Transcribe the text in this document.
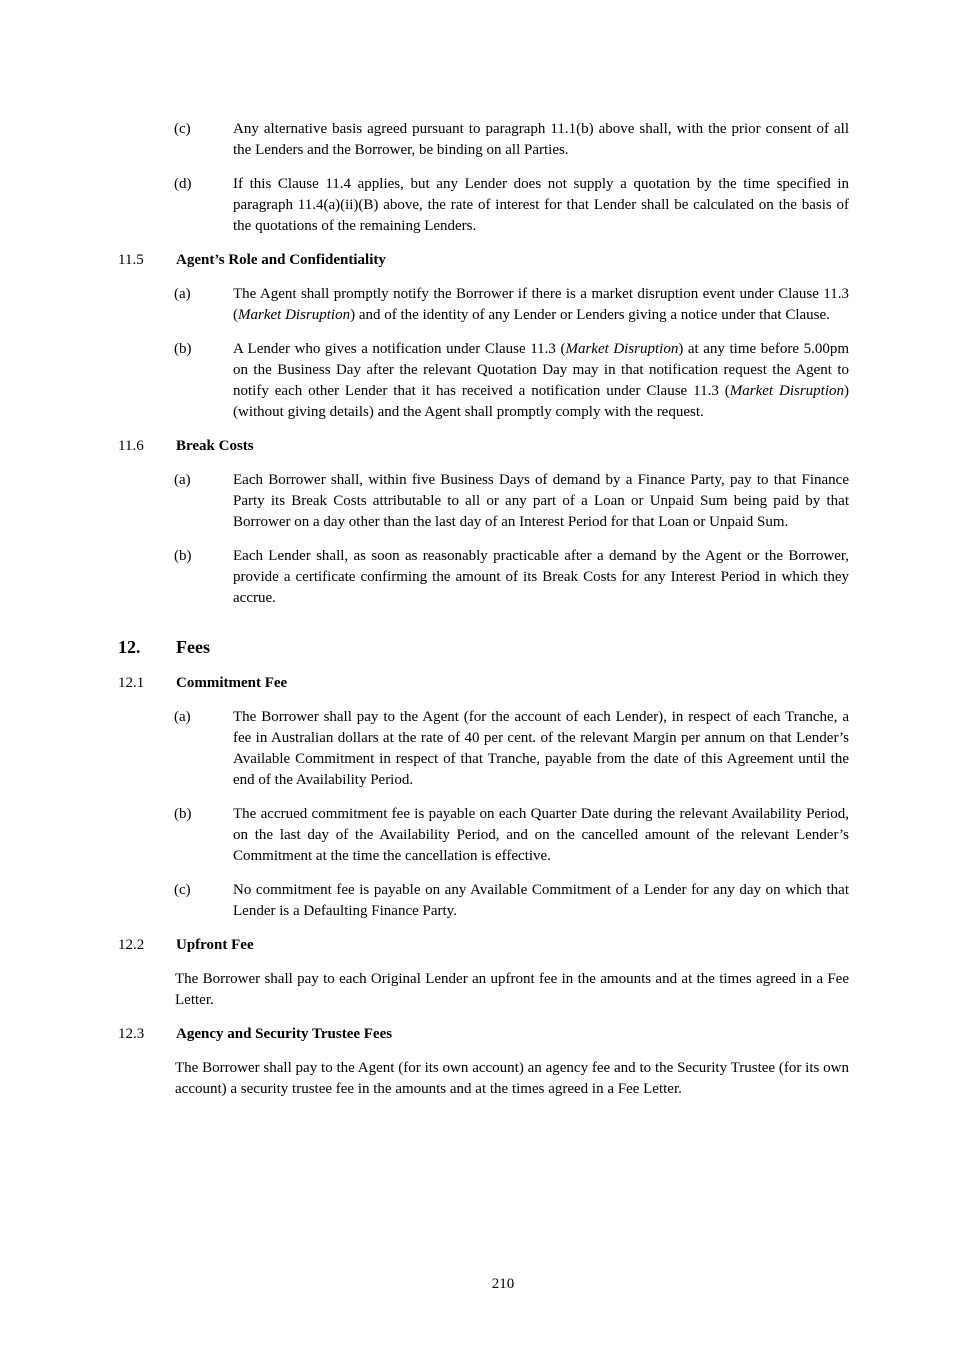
(c)	Any alternative basis agreed pursuant to paragraph 11.1(b) above shall, with the prior consent of all the Lenders and the Borrower, be binding on all Parties.
(d)	If this Clause 11.4 applies, but any Lender does not supply a quotation by the time specified in paragraph 11.4(a)(ii)(B) above, the rate of interest for that Lender shall be calculated on the basis of the quotations of the remaining Lenders.
11.5	Agent’s Role and Confidentiality
(a)	The Agent shall promptly notify the Borrower if there is a market disruption event under Clause 11.3 (Market Disruption) and of the identity of any Lender or Lenders giving a notice under that Clause.
(b)	A Lender who gives a notification under Clause 11.3 (Market Disruption) at any time before 5.00pm on the Business Day after the relevant Quotation Day may in that notification request the Agent to notify each other Lender that it has received a notification under Clause 11.3 (Market Disruption) (without giving details) and the Agent shall promptly comply with the request.
11.6	Break Costs
(a)	Each Borrower shall, within five Business Days of demand by a Finance Party, pay to that Finance Party its Break Costs attributable to all or any part of a Loan or Unpaid Sum being paid by that Borrower on a day other than the last day of an Interest Period for that Loan or Unpaid Sum.
(b)	Each Lender shall, as soon as reasonably practicable after a demand by the Agent or the Borrower, provide a certificate confirming the amount of its Break Costs for any Interest Period in which they accrue.
12.	Fees
12.1	Commitment Fee
(a)	The Borrower shall pay to the Agent (for the account of each Lender), in respect of each Tranche, a fee in Australian dollars at the rate of 40 per cent. of the relevant Margin per annum on that Lender’s Available Commitment in respect of that Tranche, payable from the date of this Agreement until the end of the Availability Period.
(b)	The accrued commitment fee is payable on each Quarter Date during the relevant Availability Period, on the last day of the Availability Period, and on the cancelled amount of the relevant Lender’s Commitment at the time the cancellation is effective.
(c)	No commitment fee is payable on any Available Commitment of a Lender for any day on which that Lender is a Defaulting Finance Party.
12.2	Upfront Fee
The Borrower shall pay to each Original Lender an upfront fee in the amounts and at the times agreed in a Fee Letter.
12.3	Agency and Security Trustee Fees
The Borrower shall pay to the Agent (for its own account) an agency fee and to the Security Trustee (for its own account) a security trustee fee in the amounts and at the times agreed in a Fee Letter.
210
